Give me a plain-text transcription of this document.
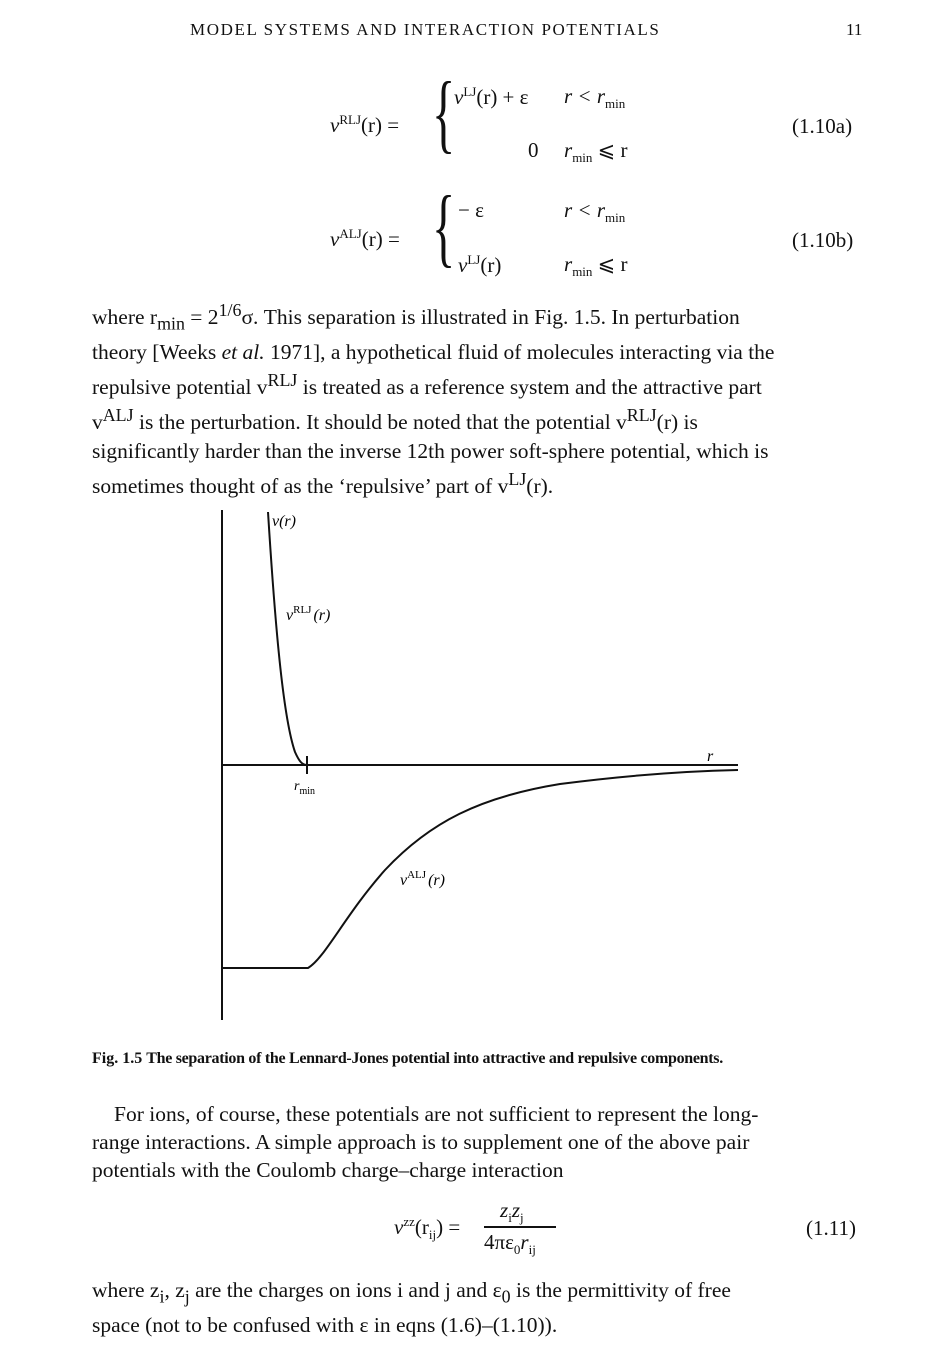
MODEL SYSTEMS AND INTERACTION POTENTIALS	11
$v^{RLJ}(r)$ = {
$v^{LJ}(r) + \varepsilon$ $r < r_{min}$
0 $r_{min}$ ⩽ r
(1.10a)
$v^{ALJ}(r)$ = { − ε	$r < r_{min}$
$v^{LJ}(r)$	$r_{min}$ ⩽ r
(1.10b)

where $r_{min} = 2^{1/6}\sigma$. This separation is illustrated in Fig. 1.5. In perturbation

theory [Weeks et al. 1971], a hypothetical fluid of molecules interacting via the

repulsive potential $v^{RLJ}$ is treated as a reference system and the attractive part

$v^{ALJ}$ is the perturbation. It should be noted that the potential $v^{RLJ}(r)$ is

significantly harder than the inverse 12th power soft-sphere potential, which is

sometimes thought of as the ‘repulsive’ part of $v^{LJ}(r)$.

v(r)
r
$v^{RLJ}$ (r)
$v^{ALJ}$ (r)
$r_{min}$
Fig. 1.5 The separation of the Lennard-Jones potential into attractive and repulsive components.

For ions, of course, these potentials are not sufficient to represent the long-

range interactions. A simple approach is to supplement one of the above pair

potentials with the Coulomb charge–charge interaction

$v^{zz}(r_{ij})$ =
$z_iz_j$
$4\pi\varepsilon_0r_{ij}$
(1.11)

where $z_i$, $z_j$ are the charges on ions i and j and $\varepsilon_0$ is the permittivity of free

space (not to be confused with ε in eqns (1.6)–(1.10)).
